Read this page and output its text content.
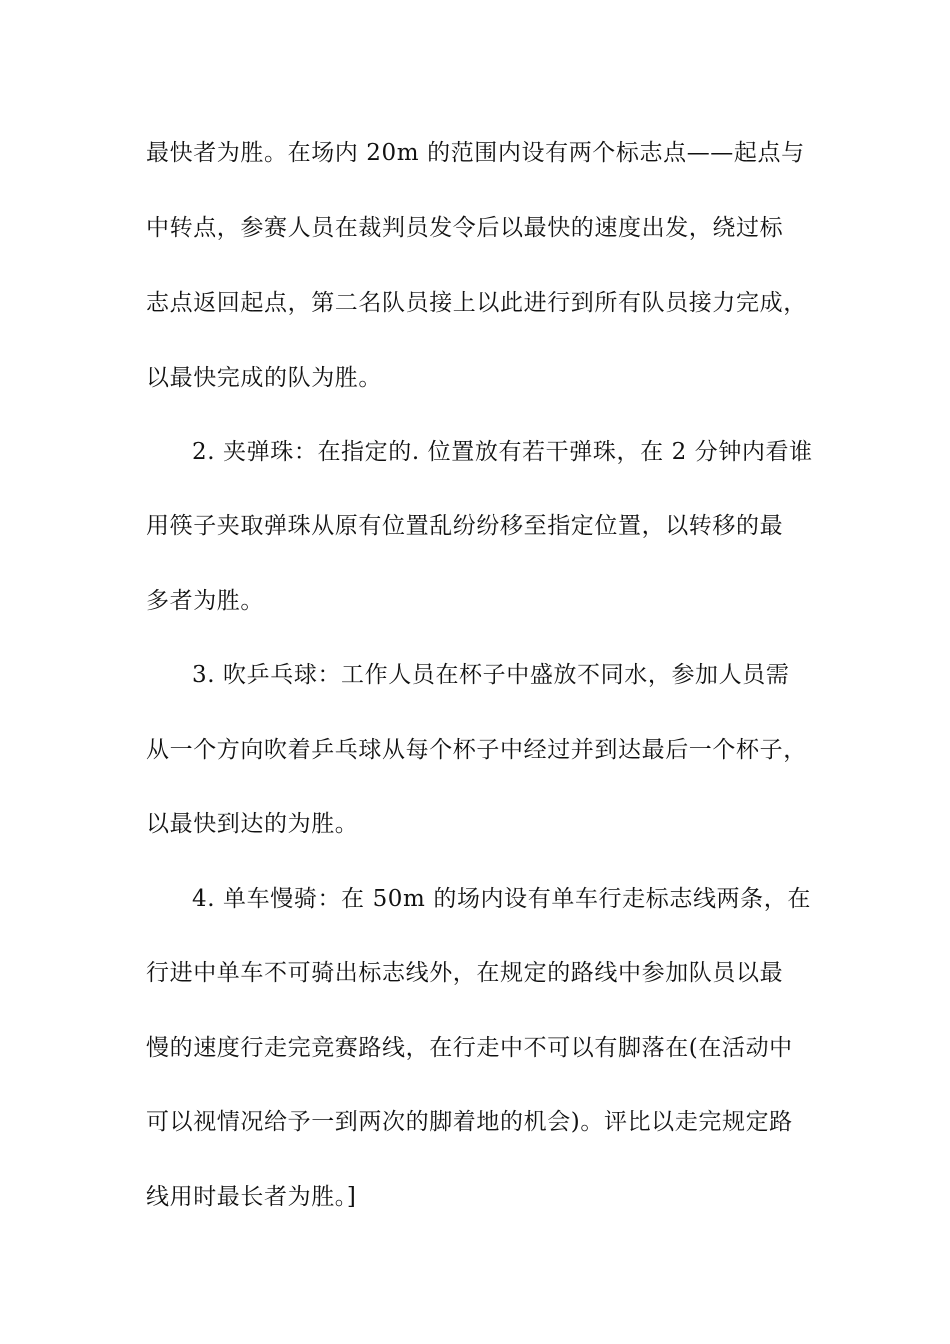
最快者为胜。在场内 20m 的范围内设有两个标志点——起点与
中转点，参赛人员在裁判员发令后以最快的速度出发，绕过标
志点返回起点，第二名队员接上以此进行到所有队员接力完成，
以最快完成的队为胜。
2. 夹弹珠：在指定的. 位置放有若干弹珠，在 2 分钟内看谁
用筷子夹取弹珠从原有位置乱纷纷移至指定位置，以转移的最
多者为胜。
3. 吹乒乓球：工作人员在杯子中盛放不同水，参加人员需
从一个方向吹着乒乓球从每个杯子中经过并到达最后一个杯子，
以最快到达的为胜。
4. 单车慢骑：在 50m 的场内设有单车行走标志线两条，在
行进中单车不可骑出标志线外，在规定的路线中参加队员以最
慢的速度行走完竞赛路线，在行走中不可以有脚落在(在活动中
可以视情况给予一到两次的脚着地的机会)。评比以走完规定路
线用时最长者为胜。]
